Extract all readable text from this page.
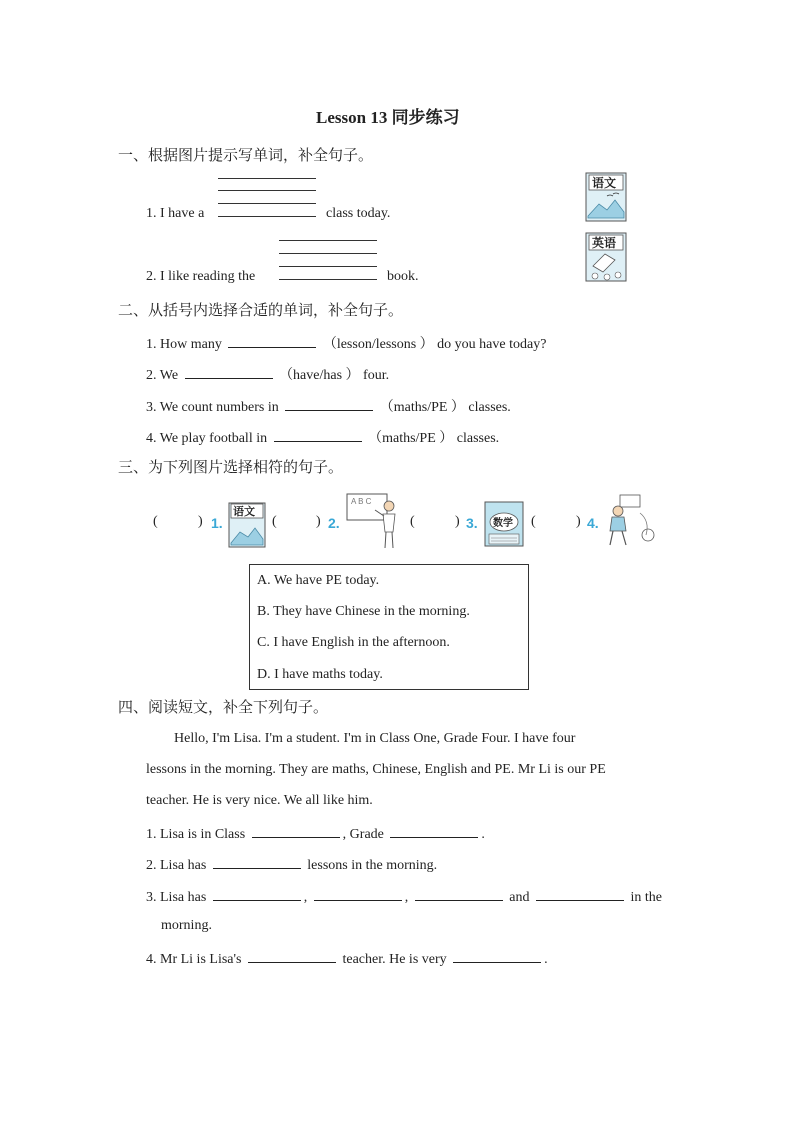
Lesson 13 同步练习
一、根据图片提示写单词，补全句子。
1. I have a	class today.
语文
2. I like reading the	book.
英语
二、从括号内选择合适的单词，补全句子。
1. How many	（lesson/lessons ） do you have today?
2. We	（have/has ） four.
3. We count numbers in	（maths/PE ） classes.
4. We play football in	（maths/PE ） classes.
三、为下列图片选择相符的句子。
(	) 1.
语文
(	) 2.
A B C
(	) 3. 数学 (	) 4.
A. We have PE today.
B. They have Chinese in the morning.
C. I have English in the afternoon.
D. I have maths today.
四、阅读短文，补全下列句子。
Hello, I'm Lisa. I'm a student. I'm in Class One, Grade Four. I have four
lessons in the morning. They are maths, Chinese, English and PE. Mr Li is our PE
teacher. He is very nice. We all like him.
1. Lisa is in Class	, Grade	.
2. Lisa has	lessons in the morning.
3. Lisa has	,	,	and	in the
morning.
4. Mr Li is Lisa's	teacher. He is very	.
